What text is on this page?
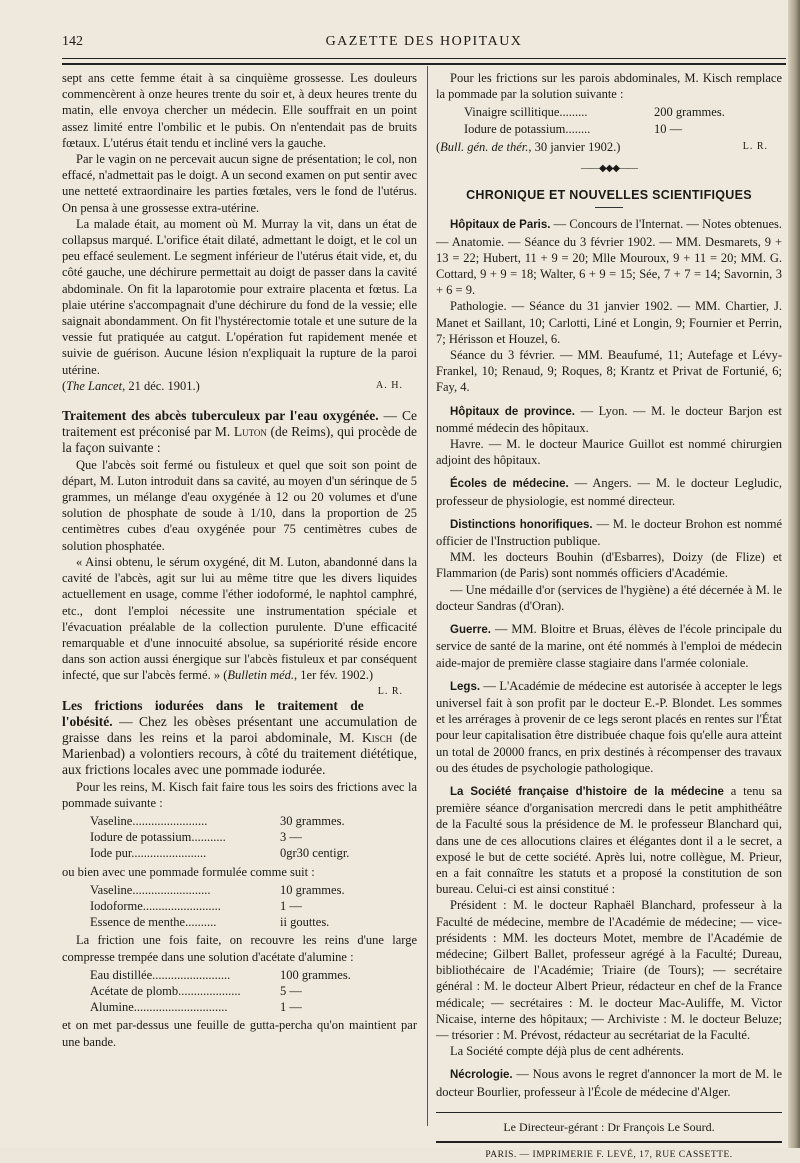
142	GAZETTE DES HOPITAUX

sept ans cette femme était à sa cinquième grossesse. Les douleurs commencèrent à onze heures trente du soir et, à deux heures trente du matin, elle envoya chercher un médecin. Elle souffrait en un point assez limité entre l'ombilic et le pubis. On n'entendait pas de bruits fœtaux. L'utérus était tendu et incliné vers la gauche.

Par le vagin on ne percevait aucun signe de présentation; le col, non effacé, n'admettait pas le doigt. A un second examen on put sentir avec une netteté extraordinaire les parties fœtales, vers le fond de l'utérus. On pensa à une grossesse extra-utérine.

La malade était, au moment où M. Murray la vit, dans un état de collapsus marqué. L'orifice était dilaté, admettant le doigt, et le col un peu effacé seulement. Le segment inférieur de l'utérus était vide, et, du côté gauche, une déchirure permettait au doigt de passer dans la cavité abdominale. On fit la laparotomie pour extraire placenta et fœtus. La plaie utérine s'accompagnait d'une déchirure du fond de la vessie; elle saignait abondamment. On fit l'hystérectomie totale et une suture de la vessie fut pratiquée au catgut. L'opération fut rapidement menée et suivie de guérison. Aucune lésion n'expliquait la rupture de la paroi utérine.

(The Lancet, 21 déc. 1901.)	A. H.

Traitement des abcès tuberculeux par l'eau oxygénée. — Ce traitement est préconisé par M. Luton (de Reims), qui procède de la façon suivante :

Que l'abcès soit fermé ou fistuleux et quel que soit son point de départ, M. Luton introduit dans sa cavité, au moyen d'un sérinque de 5 grammes, un mélange d'eau oxygénée à 12 ou 20 volumes et d'une solution de phosphate de soude à 1/10, dans la proportion de 25 centimètres cubes d'eau oxygénée pour 75 centimètres cubes de solution phosphatée.

« Ainsi obtenu, le sérum oxygéné, dit M. Luton, abandonné dans la cavité de l'abcès, agit sur lui au même titre que les divers liquides actuellement en usage, comme l'éther iodoformé, le naphtol camphré, etc., dont l'emploi nécessite une instrumentation spéciale et l'évacuation préalable de la collection purulente. D'une efficacité remarquable et d'une innocuité absolue, sa supériorité réside encore dans son action aussi énergique sur l'abcès fistuleux et par conséquent infecté, que sur l'abcès fermé. » (Bulletin méd., 1er fév. 1902.)
L. R.

Les frictions iodurées dans le traitement de l'obésité. — Chez les obèses présentant une accumulation de graisse dans les reins et la paroi abdominale, M. Kisch (de Marienbad) a volontiers recours, à côté du traitement diététique, aux frictions locales avec une pommade iodurée.

Pour les reins, M. Kisch fait faire tous les soirs des frictions avec la pommade suivante :

Vaseline........................	30 grammes.
Iodure de potassium...........	3 —
Iode pur........................	0gr30 centigr.

ou bien avec une pommade formulée comme suit :

Vaseline.........................	10 grammes.
Iodoforme.........................	1 —
Essence de menthe..........	ii gouttes.

La friction une fois faite, on recouvre les reins d'une large compresse trempée dans une solution d'acétate d'alumine :

Eau distillée.........................	100 grammes.
Acétate de plomb....................	5 —
Alumine..............................	1 —

et on met par-dessus une feuille de gutta-percha qu'on maintient par une bande.

Pour les frictions sur les parois abdominales, M. Kisch remplace la pommade par la solution suivante :

Vinaigre scillitique.........	200 grammes.
Iodure de potassium........	10 —

(Bull. gén. de thér., 30 janvier 1902.)	L. R.

——◆◆◆——
CHRONIQUE ET NOUVELLES SCIENTIFIQUES

Hôpitaux de Paris. — Concours de l'Internat. — Notes obtenues. — Anatomie. — Séance du 3 février 1902. — MM. Desmarets, 9 + 13 = 22; Hubert, 11 + 9 = 20; Mlle Mouroux, 9 + 11 = 20; MM. G. Cottard, 9 + 9 = 18; Walter, 6 + 9 = 15; Sée, 7 + 7 = 14; Savornin, 3 + 6 = 9.

Pathologie. — Séance du 31 janvier 1902. — MM. Chartier, J. Manet et Saillant, 10; Carlotti, Liné et Longin, 9; Fournier et Perrin, 7; Hérisson et Houzel, 6.

Séance du 3 février. — MM. Beaufumé, 11; Autefage et Lévy-Frankel, 10; Renaud, 9; Roques, 8; Krantz et Privat de Fortunié, 6; Fay, 4.

Hôpitaux de province. — Lyon. — M. le docteur Barjon est nommé médecin des hôpitaux.

Havre. — M. le docteur Maurice Guillot est nommé chirurgien adjoint des hôpitaux.

Écoles de médecine. — Angers. — M. le docteur Legludic, professeur de physiologie, est nommé directeur.

Distinctions honorifiques. — M. le docteur Brohon est nommé officier de l'Instruction publique.

MM. les docteurs Bouhin (d'Esbarres), Doizy (de Flize) et Flammarion (de Paris) sont nommés officiers d'Académie.

— Une médaille d'or (services de l'hygiène) a été décernée à M. le docteur Sandras (d'Oran).

Guerre. — MM. Bloitre et Bruas, élèves de l'école principale du service de santé de la marine, ont été nommés à l'emploi de médecin aide-major de première classe stagiaire dans l'armée coloniale.

Legs. — L'Académie de médecine est autorisée à accepter le legs universel fait à son profit par le docteur E.-P. Blondet. Les sommes et les arrérages à provenir de ce legs seront placés en rentes sur l'État pour leur capitalisation être distribuée chaque fois qu'elle aura atteint un total de 20000 francs, en prix destinés à récompenser des travaux ou des études de psychologie pathologique.

La Société française d'histoire de la médecine a tenu sa première séance d'organisation mercredi dans le petit amphithéâtre de la Faculté sous la présidence de M. le professeur Blanchard qui, dans une de ces allocutions claires et élégantes dont il a le secret, a exposé le but de cette société. Après lui, notre collègue, M. Prieur, en a fait connaître les statuts et a proposé la constitution de son bureau. Celui-ci est ainsi constitué :

Président : M. le docteur Raphaël Blanchard, professeur à la Faculté de médecine, membre de l'Académie de médecine; — vice-présidents : MM. les docteurs Motet, membre de l'Académie de médecine; Gilbert Ballet, professeur agrégé à la Faculté; Dureau, bibliothécaire de l'Académie; Triaire (de Tours); — secrétaire général : M. le docteur Albert Prieur, rédacteur en chef de la France médicale; — secrétaires : M. le docteur Mac-Auliffe, M. Victor Nicaise, interne des hôpitaux; — Archiviste : M. le docteur Beluze; — trésorier : M. Prévost, rédacteur au secrétariat de la Faculté.

La Société compte déjà plus de cent adhérents.

Nécrologie. — Nous avons le regret d'annoncer la mort de M. le docteur Bourlier, professeur à l'École de médecine d'Alger.

Le Directeur-gérant : Dr François Le Sourd.
PARIS. — IMPRIMERIE F. LEVÉ, 17, RUE CASSETTE.
